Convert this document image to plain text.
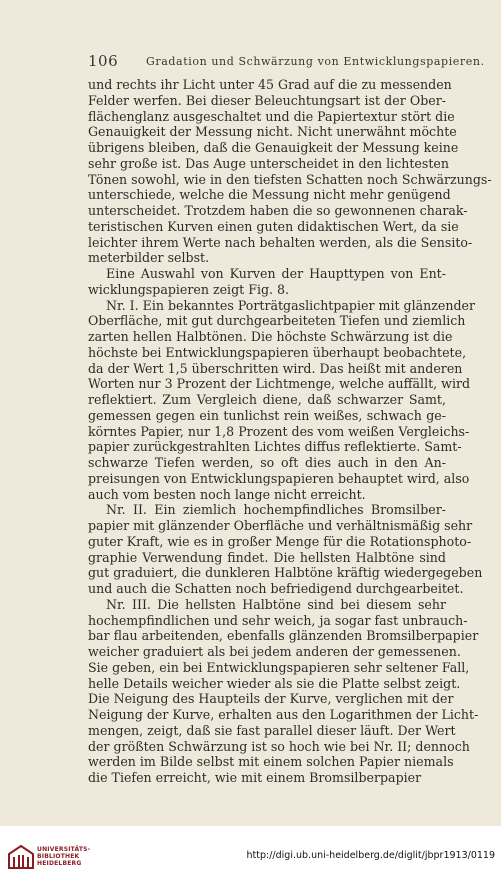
106	Gradation und Schwärzung von Entwicklungspapieren.

und rechts ihr Licht unter 45 Grad auf die zu messenden
Felder werfen. Bei dieser Beleuchtungsart ist der Ober-
flächenglanz ausgeschaltet und die Papiertextur stört die
Genauigkeit der Messung nicht. Nicht unerwähnt möchte
übrigens bleiben, daß die Genauigkeit der Messung keine
sehr große ist. Das Auge unterscheidet in den lichtesten
Tönen sowohl, wie in den tiefsten Schatten noch Schwärzungs-
unterschiede, welche die Messung nicht mehr genügend
unterscheidet. Trotzdem haben die so gewonnenen charak-
teristischen Kurven einen guten didaktischen Wert, da sie
leichter ihrem Werte nach behalten werden, als die Sensito-
meterbilder selbst.

Eine Auswahl von Kurven der Haupttypen von Ent-
wicklungspapieren zeigt Fig. 8.

Nr. I. Ein bekanntes Porträtgaslichtpapier mit glänzender
Oberfläche, mit gut durchgearbeiteten Tiefen und ziemlich
zarten hellen Halbtönen. Die höchste Schwärzung ist die
höchste bei Entwicklungspapieren überhaupt beobachtete,
da der Wert 1,5 überschritten wird. Das heißt mit anderen
Worten nur 3 Prozent der Lichtmenge, welche auffällt, wird
reflektiert. Zum Vergleich diene, daß schwarzer Samt,
gemessen gegen ein tunlichst rein weißes, schwach ge-
körntes Papier, nur 1,8 Prozent des vom weißen Vergleichs-
papier zurückgestrahlten Lichtes diffus reflektierte. Samt-
schwarze Tiefen werden, so oft dies auch in den An-
preisungen von Entwicklungspapieren behauptet wird, also
auch vom besten noch lange nicht erreicht.

Nr. II. Ein ziemlich hochempfindliches Bromsilber-
papier mit glänzender Oberfläche und verhältnismäßig sehr
guter Kraft, wie es in großer Menge für die Rotationsphoto-
graphie Verwendung findet. Die hellsten Halbtöne sind
gut graduiert, die dunkleren Halbtöne kräftig wiedergegeben
und auch die Schatten noch befriedigend durchgearbeitet.

Nr. III. Die hellsten Halbtöne sind bei diesem sehr
hochempfindlichen und sehr weich, ja sogar fast unbrauch-
bar flau arbeitenden, ebenfalls glänzenden Bromsilberpapier
weicher graduiert als bei jedem anderen der gemessenen.
Sie geben, ein bei Entwicklungspapieren sehr seltener Fall,
helle Details weicher wieder als sie die Platte selbst zeigt.
Die Neigung des Haupteils der Kurve, verglichen mit der
Neigung der Kurve, erhalten aus den Logarithmen der Licht-
mengen, zeigt, daß sie fast parallel dieser läuft. Der Wert
der größten Schwärzung ist so hoch wie bei Nr. II; dennoch
werden im Bilde selbst mit einem solchen Papier niemals
die Tiefen erreicht, wie mit einem Bromsilberpapier

UNIVERSITÄTS-
BIBLIOTHEK
HEIDELBERG
http://digi.ub.uni-heidelberg.de/diglit/jbpr1913/0119
